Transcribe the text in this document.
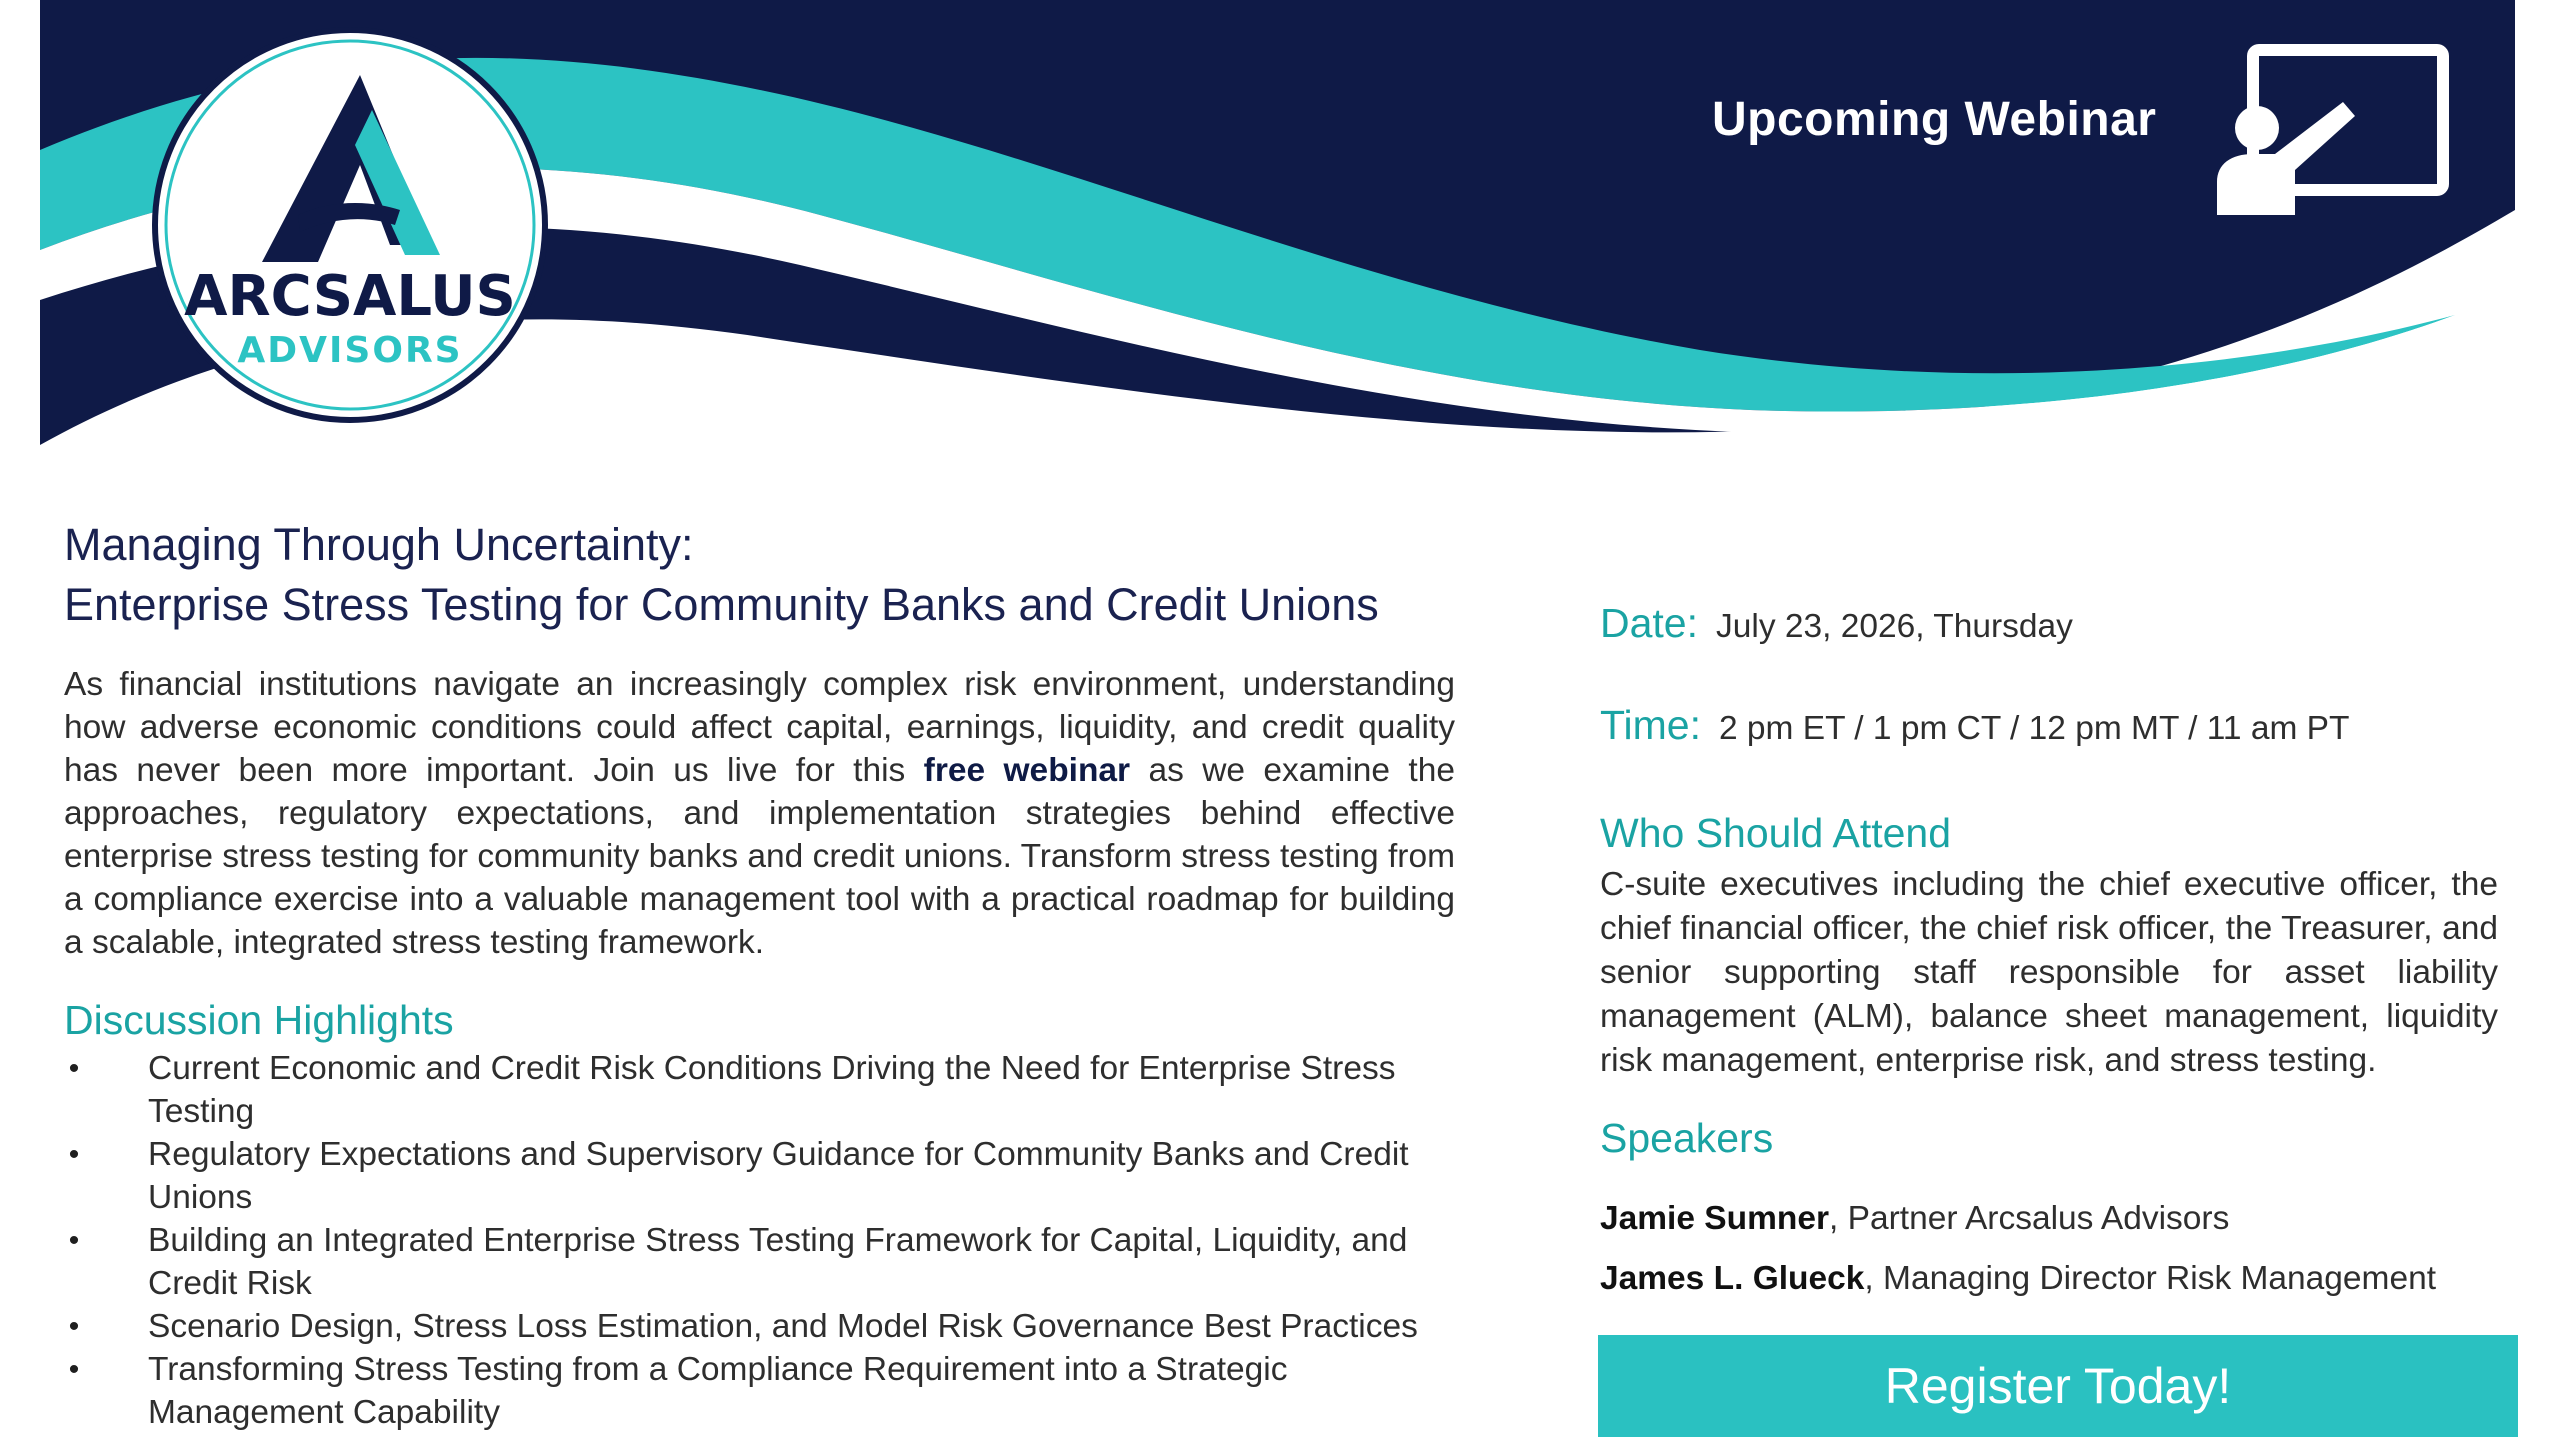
ARCSALUS
ADVISORS
Upcoming Webinar
Managing Through Uncertainty:
Enterprise Stress Testing for Community Banks and Credit Unions

As financial institutions navigate an increasingly complex risk environment, understanding how adverse economic conditions could affect capital, earnings, liquidity, and credit quality has never been more important. Join us live for this free webinar as we examine the approaches, regulatory expectations, and implementation strategies behind effective enterprise stress testing for community banks and credit unions. Transform stress testing from a compliance exercise into a valuable management tool with a practical roadmap for building a scalable, integrated stress testing framework.

Discussion Highlights
• Current Economic and Credit Risk Conditions Driving the Need for Enterprise Stress Testing
• Regulatory Expectations and Supervisory Guidance for Community Banks and Credit Unions
• Building an Integrated Enterprise Stress Testing Framework for Capital, Liquidity, and Credit Risk
• Scenario Design, Stress Loss Estimation, and Model Risk Governance Best Practices
• Transforming Stress Testing from a Compliance Requirement into a Strategic Management Capability
Date: July 23, 2026, Thursday
Time: 2 pm ET / 1 pm CT / 12 pm MT / 11 am PT
Who Should Attend

C-suite executives including the chief executive officer, the chief financial officer, the chief risk officer, the Treasurer, and senior supporting staff responsible for asset liability management (ALM), balance sheet management, liquidity risk management, enterprise risk, and stress testing.

Speakers
Jamie Sumner, Partner Arcsalus Advisors
James L. Glueck, Managing Director Risk Management
Register Today!
